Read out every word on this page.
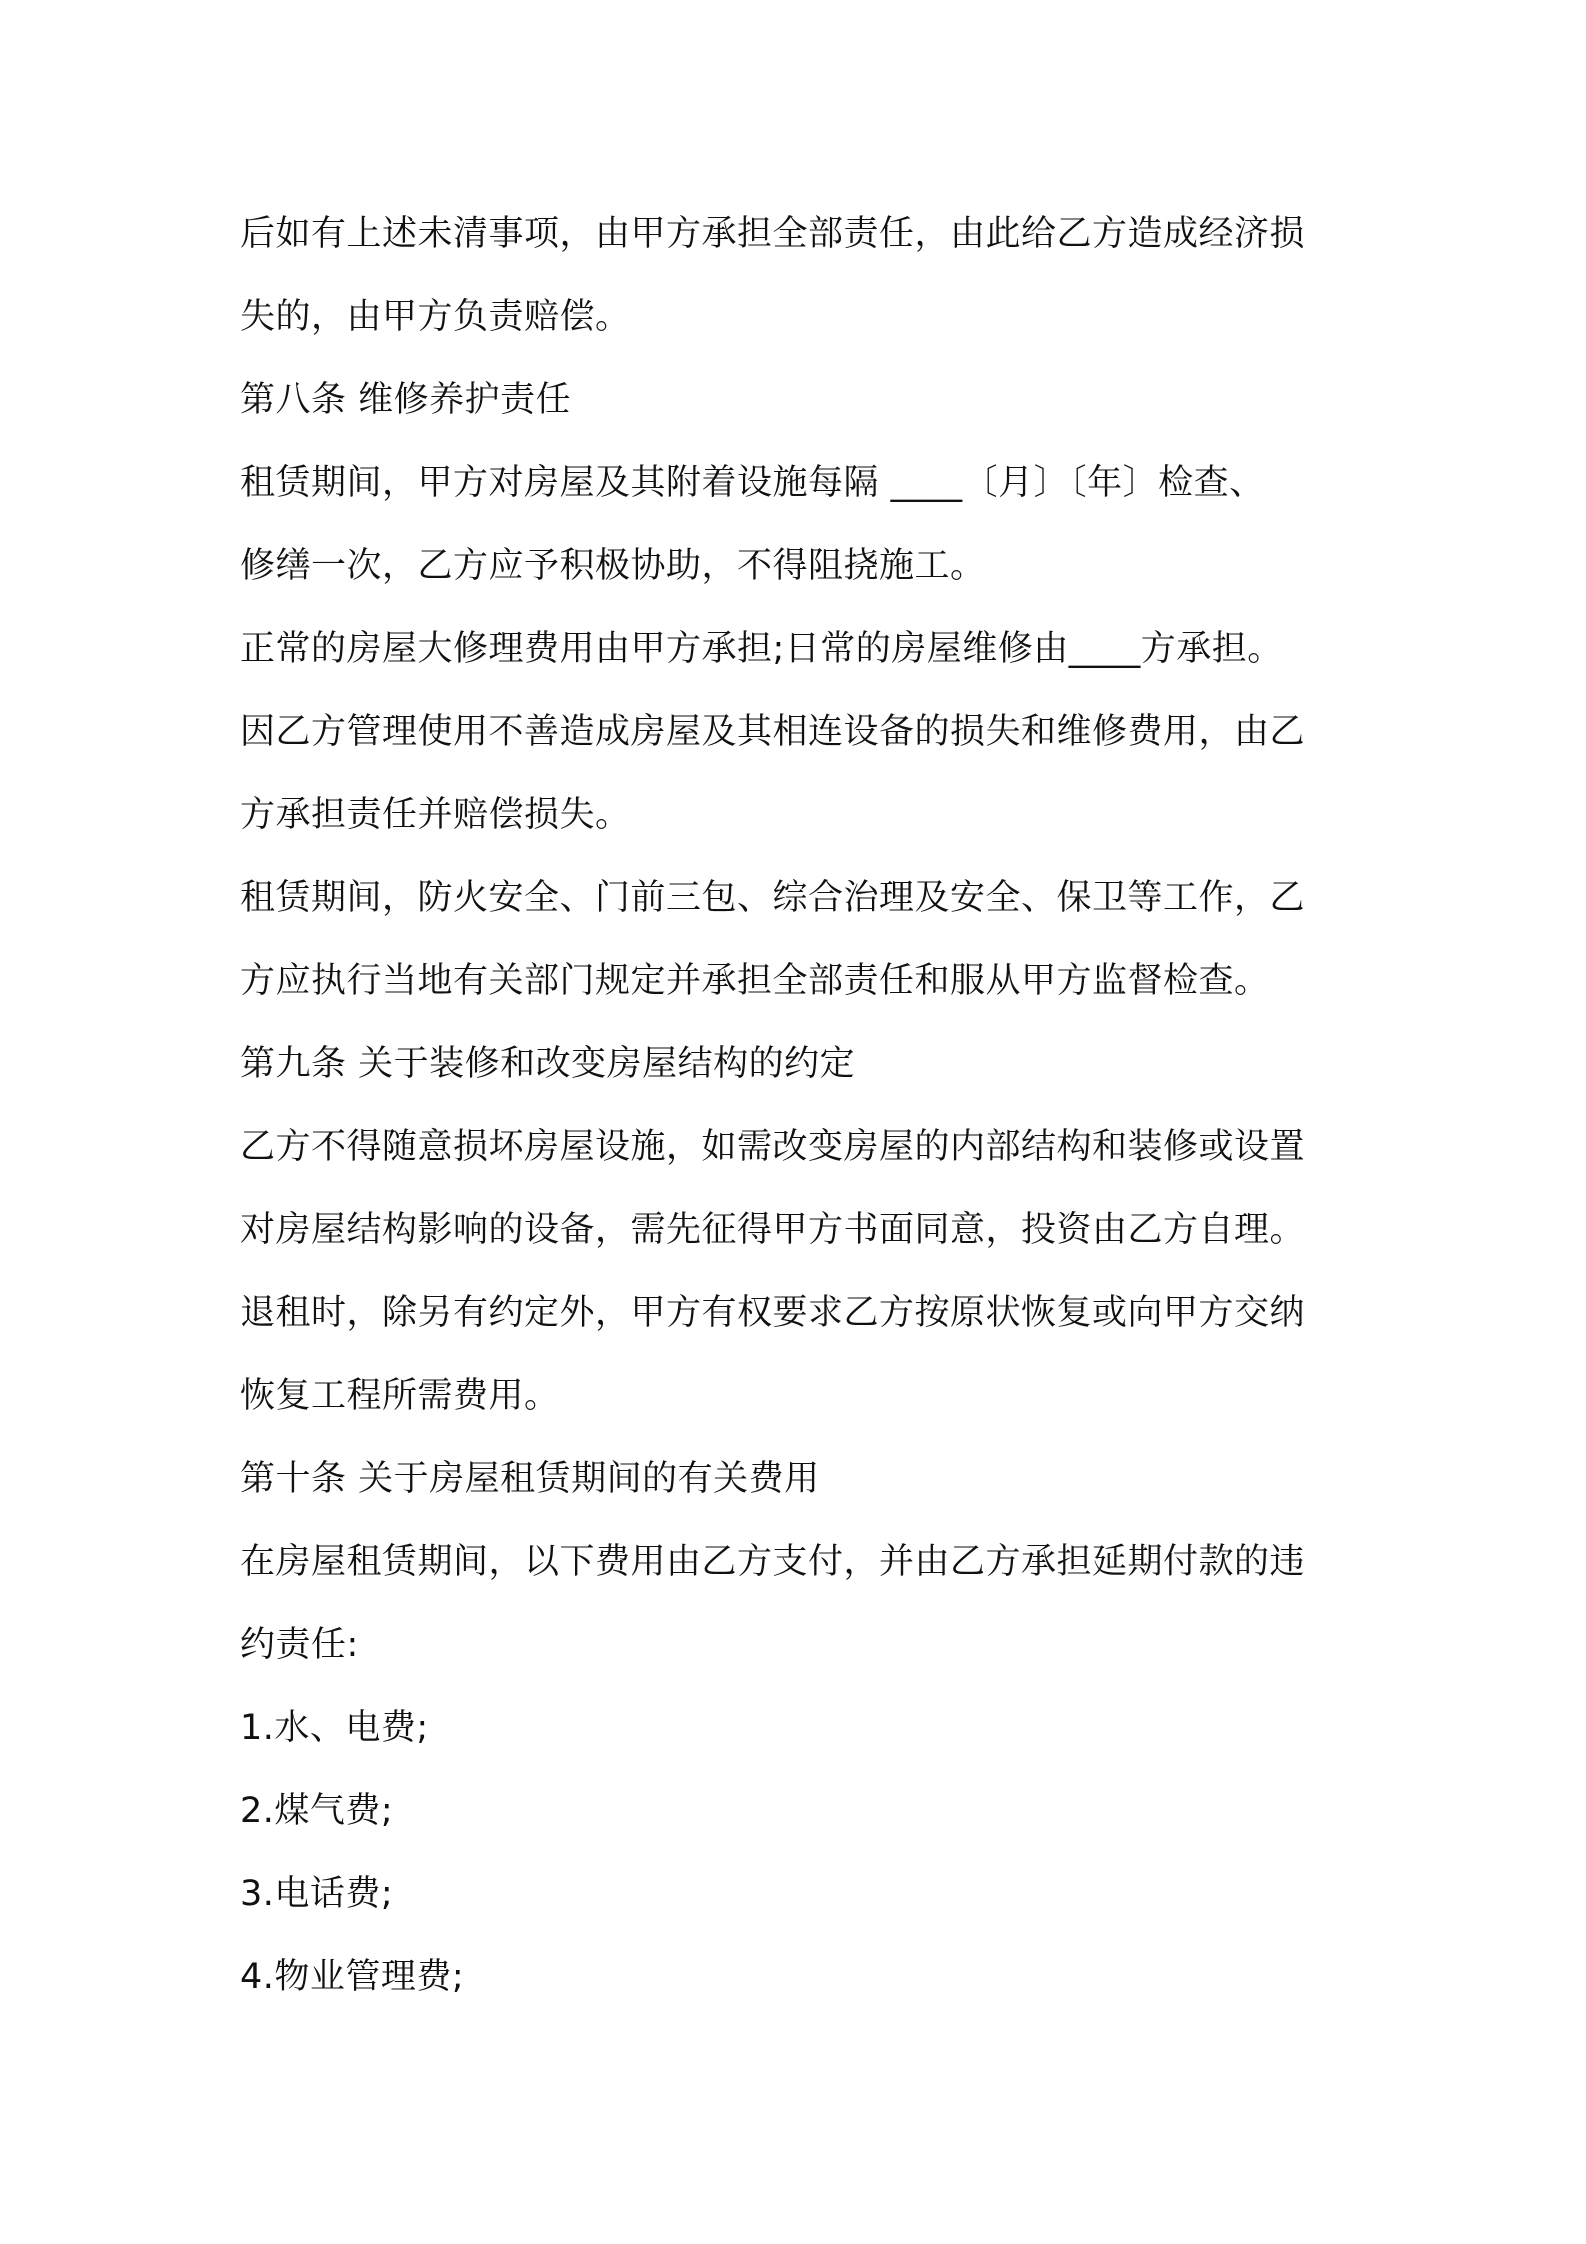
后如有上述未清事项，由甲方承担全部责任，由此给乙方造成经济损
失的，由甲方负责赔偿。
第八条 维修养护责任
租赁期间，甲方对房屋及其附着设施每隔 ____〔月〕〔年〕检查、
修缮一次，乙方应予积极协助，不得阻挠施工。
正常的房屋大修理费用由甲方承担;日常的房屋维修由____方承担。
因乙方管理使用不善造成房屋及其相连设备的损失和维修费用，由乙
方承担责任并赔偿损失。
租赁期间，防火安全、门前三包、综合治理及安全、保卫等工作，乙
方应执行当地有关部门规定并承担全部责任和服从甲方监督检查。
第九条 关于装修和改变房屋结构的约定
乙方不得随意损坏房屋设施，如需改变房屋的内部结构和装修或设置
对房屋结构影响的设备，需先征得甲方书面同意，投资由乙方自理。
退租时，除另有约定外，甲方有权要求乙方按原状恢复或向甲方交纳
恢复工程所需费用。
第十条 关于房屋租赁期间的有关费用
在房屋租赁期间，以下费用由乙方支付，并由乙方承担延期付款的违
约责任:
1.水、电费;
2.煤气费;
3.电话费;
4.物业管理费;
